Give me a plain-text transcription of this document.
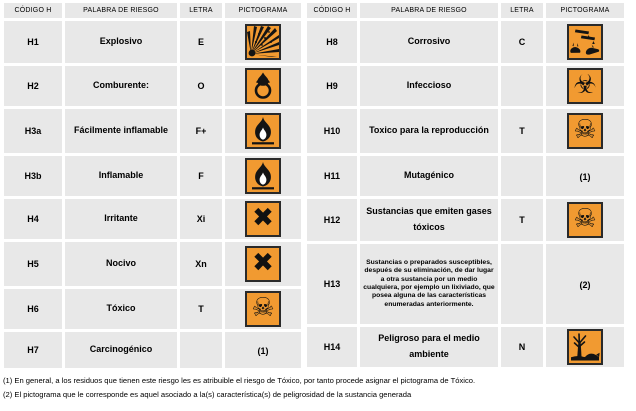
CÓDIGO H	PALABRA DE RIESGO	LETRA	PICTOGRAMA
H1	Explosivo	E	

H2	Comburente:	O	

H3a	Fácilmente inflamable	F+	

H3b	Inflamable	F	

H4	Irritante	Xi	✖

H5	Nocivo	Xn	✖

H6	Tóxico	T	☠

H7	Carcinogénico		(1)
CÓDIGO H	PALABRA DE RIESGO	LETRA	PICTOGRAMA
H8	Corrosivo	C	

H9	Infeccioso		☣

H10	Toxico para la reproducción	T	☠

H11	Mutagénico		(1)
H12	Sustancias que emiten gases tóxicos	T	☠

H13	Sustancias o preparados susceptibles, después de su eliminación, de dar lugar a otra sustancia por un medio cualquiera, por ejemplo un lixiviado, que posea alguna de las características enumeradas anteriormente.		(2)
H14	Peligroso para el medio ambiente	N	
(1) En general, a los residuos que tienen este riesgo les es atribuible el riesgo de Tóxico, por tanto procede asignar el pictograma de Tóxico.
(2) El pictograma que le corresponde es aquel asociado a la(s) característica(s) de peligrosidad de la sustancia generada
